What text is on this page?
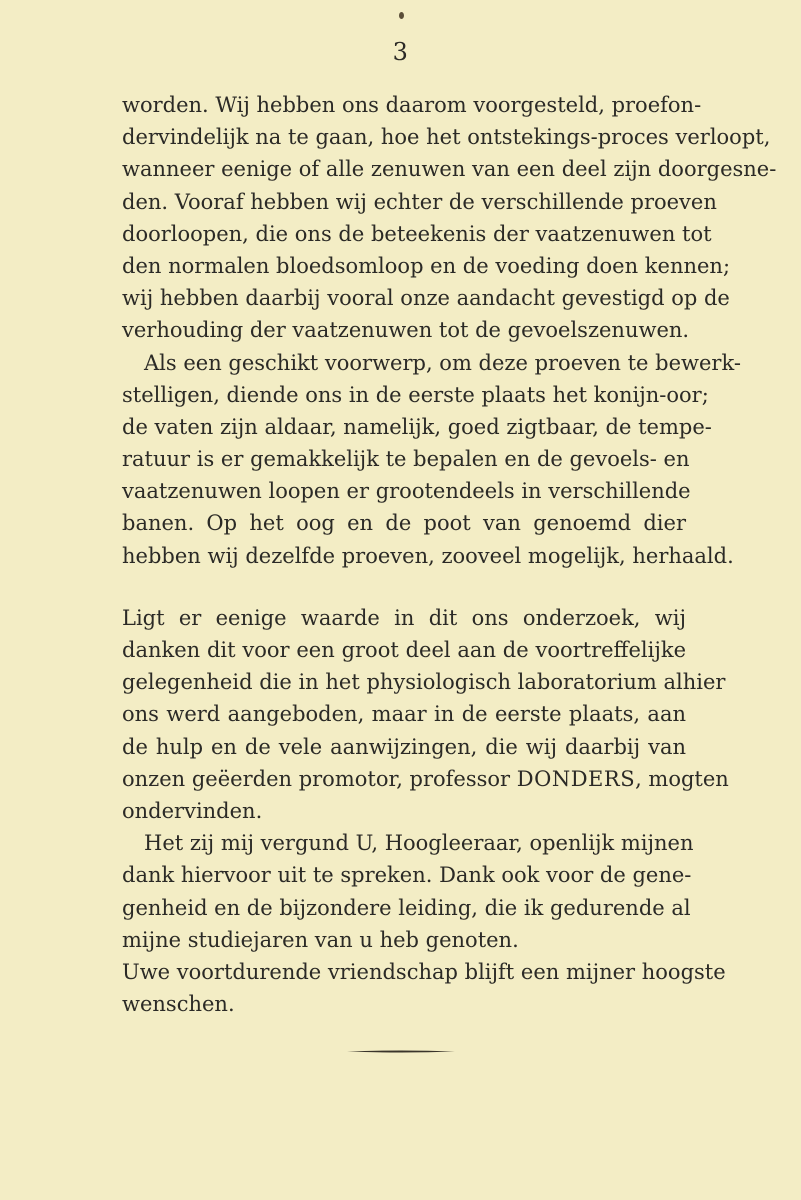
3
worden. Wij hebben ons daarom voorgesteld, proefon-
dervindelijk na te gaan, hoe het ontstekings-proces verloopt,
wanneer eenige of alle zenuwen van een deel zijn doorgesne-
den. Vooraf hebben wij echter de verschillende proeven
doorloopen, die ons de beteekenis der vaatzenuwen tot
den normalen bloedsomloop en de voeding doen kennen;
wij hebben daarbij vooral onze aandacht gevestigd op de
verhouding der vaatzenuwen tot de gevoelszenuwen.
Als een geschikt voorwerp, om deze proeven te bewerk-
stelligen, diende ons in de eerste plaats het konijn-oor;
de vaten zijn aldaar, namelijk, goed zigtbaar, de tempe-
ratuur is er gemakkelijk te bepalen en de gevoels- en
vaatzenuwen loopen er grootendeels in verschillende
banen. Op het oog en de poot van genoemd dier
hebben wij dezelfde proeven, zooveel mogelijk, herhaald.
Ligt er eenige waarde in dit ons onderzoek, wij
danken dit voor een groot deel aan de voortreffelijke
gelegenheid die in het physiologisch laboratorium alhier
ons werd aangeboden, maar in de eerste plaats, aan
de hulp en de vele aanwijzingen, die wij daarbij van
onzen geëerden promotor, professor DONDERS, mogten
ondervinden.
Het zij mij vergund U, Hoogleeraar, openlijk mijnen
dank hiervoor uit te spreken. Dank ook voor de gene-
genheid en de bijzondere leiding, die ik gedurende al
mijne studiejaren van u heb genoten.
Uwe voortdurende vriendschap blijft een mijner hoogste
wenschen.
